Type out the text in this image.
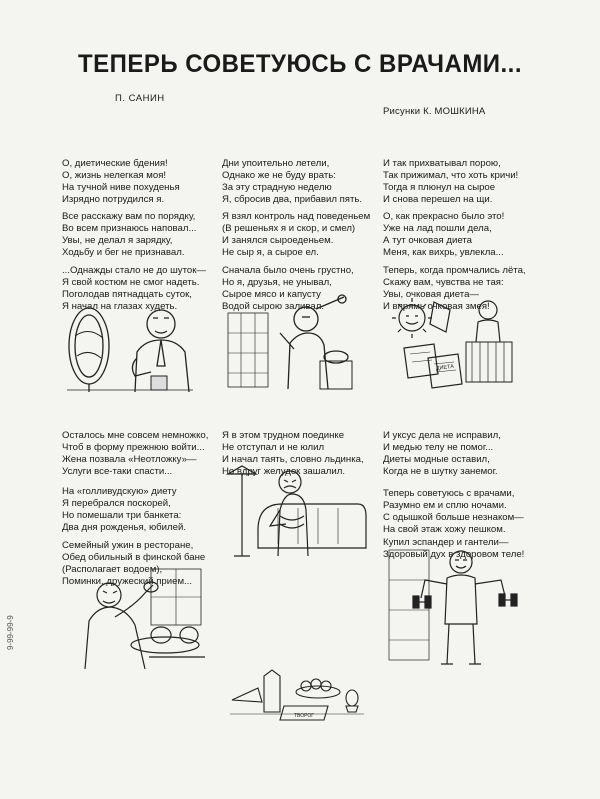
ТЕПЕРЬ СОВЕТУЮСЬ С ВРАЧАМИ...
П. САНИН
Рисунки К. МОШКИНА

О, диетические бдения!
О, жизнь нелегкая моя!
На тучной ниве похуденья
Изрядно потрудился я.

Все расскажу вам по порядку,
Во всем признаюсь наповал...
Увы, не делал я зарядку,
Ходьбу и бег не признавал.

...Однажды стало не до шуток—
Я свой костюм не смог надеть.
Поголодав пятнадцать суток,
Я начал на глазах худеть.

Дни упоительно летели,
Однако же не буду врать:
За эту страдную неделю
Я, сбросив два, прибавил пять.

Я взял контроль над поведеньем
(В решеньях я и скор, и смел)
И занялся сыроеденьем.
Не сыр я, а сырое ел.

Сначала было очень грустно,
Но я, друзья, не унывал,
Сырое мясо и капусту
Водой сырою заливал.

И так прихватывал порою,
Так прижимал, что хоть кричи!
Тогда я плюнул на сырое
И снова перешел на щи.

О, как прекрасно было это!
Уже на лад пошли дела,
А тут очковая диета
Меня, как вихрь, увлекла...

Теперь, когда промчались лёта,
Скажу вам, чувства не тая:
Увы, очковая диета—
И впрямь очковая змея!

ДИЕТА

Осталось мне совсем немножко,
Чтоб в форму прежнюю войти...
Жена позвала «Неотложку»—
Услуги все-таки спасти...

На «голливудскую» диету
Я перебрался поскорей,
Но помешали три банкета:
Два дня рожденья, юбилей.

Семейный ужин в ресторане,
Обед обильный в финской бане
(Располагает водоем),
Поминки, дружеский прием...

Я в этом трудном поединке
Не отступал и не юлил
И начал таять, словно льдинка,
Но вдруг желудок зашалил.

И уксус дела не исправил,
И медью телу не помог...
Диеты модные оставил,
Когда не в шутку занемог.

Теперь советуюсь с врачами,
Разумно ем и сплю ночами.
С одышкой больше незнаком—
На свой этаж хожу пешком.
Купил эспандер и гантели—
Здоровый дух в здоровом теле!

ТВОРОГ
9-99-99-9
